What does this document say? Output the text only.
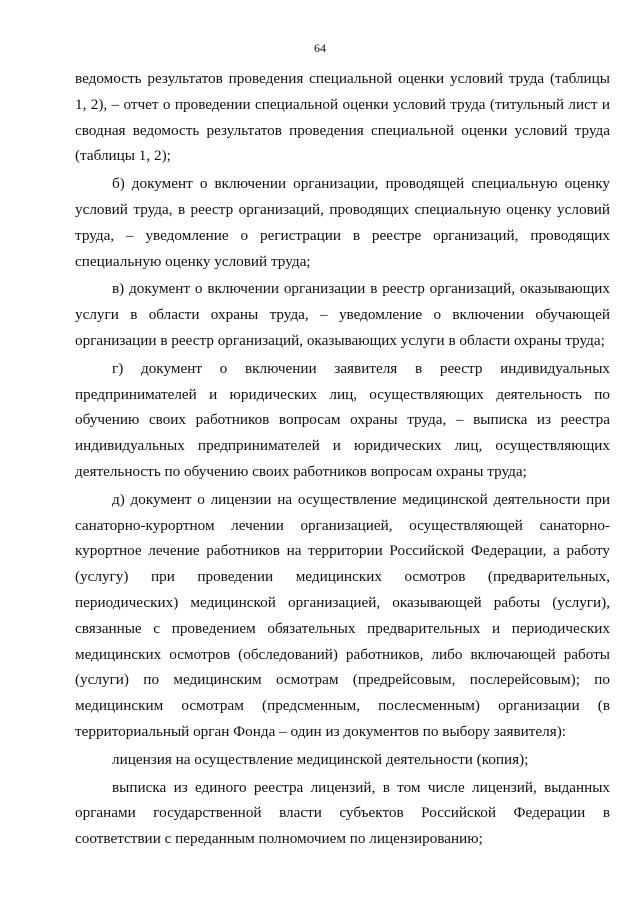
64

ведомость результатов проведения специальной оценки условий труда (таблицы 1, 2), – отчет о проведении специальной оценки условий труда (титульный лист и сводная ведомость результатов проведения специальной оценки условий труда (таблицы 1, 2);

б) документ о включении организации, проводящей специальную оценку условий труда, в реестр организаций, проводящих специальную оценку условий труда, – уведомление о регистрации в реестре организаций, проводящих специальную оценку условий труда;

в) документ о включении организации в реестр организаций, оказывающих услуги в области охраны труда, – уведомление о включении обучающей организации в реестр организаций, оказывающих услуги в области охраны труда;

г) документ о включении заявителя в реестр индивидуальных предпринимателей и юридических лиц, осуществляющих деятельность по обучению своих работников вопросам охраны труда, – выписка из реестра индивидуальных предпринимателей и юридических лиц, осуществляющих деятельность по обучению своих работников вопросам охраны труда;

д) документ о лицензии на осуществление медицинской деятельности при санаторно-курортном лечении организацией, осуществляющей санаторно-курортное лечение работников на территории Российской Федерации, а работу (услугу) при проведении медицинских осмотров (предварительных, периодических) медицинской организацией, оказывающей работы (услуги), связанные с проведением обязательных предварительных и периодических медицинских осмотров (обследований) работников, либо включающей работы (услуги) по медицинским осмотрам (предрейсовым, послерейсовым); по медицинским осмотрам (предсменным, послесменным) организации (в территориальный орган Фонда – один из документов по выбору заявителя):

лицензия на осуществление медицинской деятельности (копия);

выписка из единого реестра лицензий, в том числе лицензий, выданных органами государственной власти субъектов Российской Федерации в соответствии с переданным полномочием по лицензированию;
